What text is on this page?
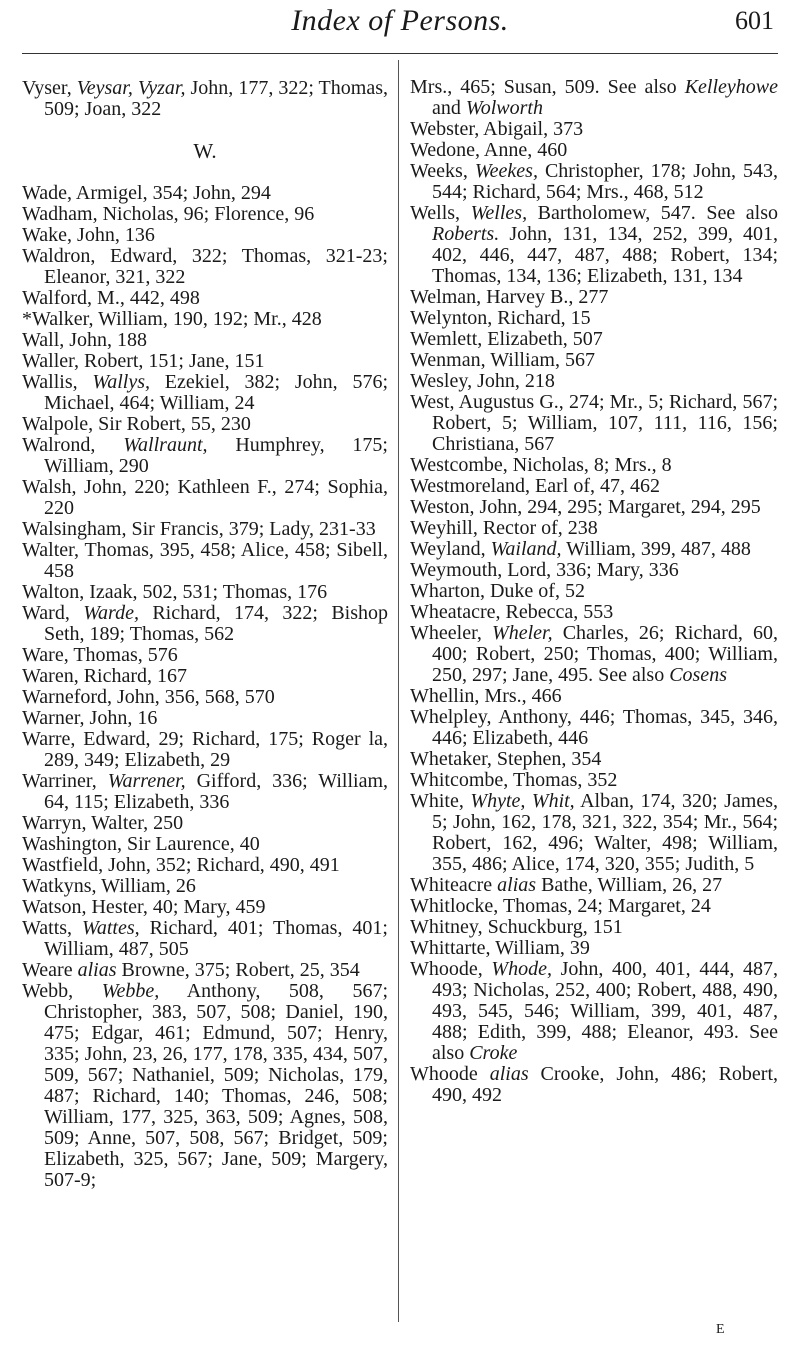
Index of Persons.	601

Vyser, Veysar, Vyzar, John, 177, 322; Thomas, 509; Joan, 322

W.

Wade, Armigel, 354; John, 294

Wadham, Nicholas, 96; Florence, 96

Wake, John, 136

Waldron, Edward, 322; Thomas, 321-23; Eleanor, 321, 322

Walford, M., 442, 498

*Walker, William, 190, 192; Mr., 428

Wall, John, 188

Waller, Robert, 151; Jane, 151

Wallis, Wallys, Ezekiel, 382; John, 576; Michael, 464; William, 24

Walpole, Sir Robert, 55, 230

Walrond, Wallraunt, Humphrey, 175; William, 290

Walsh, John, 220; Kathleen F., 274; Sophia, 220

Walsingham, Sir Francis, 379; Lady, 231-33

Walter, Thomas, 395, 458; Alice, 458; Sibell, 458

Walton, Izaak, 502, 531; Thomas, 176

Ward, Warde, Richard, 174, 322; Bishop Seth, 189; Thomas, 562

Ware, Thomas, 576

Waren, Richard, 167

Warneford, John, 356, 568, 570

Warner, John, 16

Warre, Edward, 29; Richard, 175; Roger la, 289, 349; Elizabeth, 29

Warriner, Warrener, Gifford, 336; William, 64, 115; Elizabeth, 336

Warryn, Walter, 250

Washington, Sir Laurence, 40

Wastfield, John, 352; Richard, 490, 491

Watkyns, William, 26

Watson, Hester, 40; Mary, 459

Watts, Wattes, Richard, 401; Thomas, 401; William, 487, 505

Weare alias Browne, 375; Robert, 25, 354

Webb, Webbe, Anthony, 508, 567; Christopher, 383, 507, 508; Daniel, 190, 475; Edgar, 461; Edmund, 507; Henry, 335; John, 23, 26, 177, 178, 335, 434, 507, 509, 567; Nathaniel, 509; Nicholas, 179, 487; Richard, 140; Thomas, 246, 508; William, 177, 325, 363, 509; Agnes, 508, 509; Anne, 507, 508, 567; Bridget, 509; Elizabeth, 325, 567; Jane, 509; Margery, 507-9;

Mrs., 465; Susan, 509. See also Kelleyhowe and Wolworth

Webster, Abigail, 373

Wedone, Anne, 460

Weeks, Weekes, Christopher, 178; John, 543, 544; Richard, 564; Mrs., 468, 512

Wells, Welles, Bartholomew, 547. See also Roberts. John, 131, 134, 252, 399, 401, 402, 446, 447, 487, 488; Robert, 134; Thomas, 134, 136; Elizabeth, 131, 134

Welman, Harvey B., 277

Welynton, Richard, 15

Wemlett, Elizabeth, 507

Wenman, William, 567

Wesley, John, 218

West, Augustus G., 274; Mr., 5; Richard, 567; Robert, 5; William, 107, 111, 116, 156; Christiana, 567

Westcombe, Nicholas, 8; Mrs., 8

Westmoreland, Earl of, 47, 462

Weston, John, 294, 295; Margaret, 294, 295

Weyhill, Rector of, 238

Weyland, Wailand, William, 399, 487, 488

Weymouth, Lord, 336; Mary, 336

Wharton, Duke of, 52

Wheatacre, Rebecca, 553

Wheeler, Wheler, Charles, 26; Richard, 60, 400; Robert, 250; Thomas, 400; William, 250, 297; Jane, 495. See also Cosens

Whellin, Mrs., 466

Whelpley, Anthony, 446; Thomas, 345, 346, 446; Elizabeth, 446

Whetaker, Stephen, 354

Whitcombe, Thomas, 352

White, Whyte, Whit, Alban, 174, 320; James, 5; John, 162, 178, 321, 322, 354; Mr., 564; Robert, 162, 496; Walter, 498; William, 355, 486; Alice, 174, 320, 355; Judith, 5

Whiteacre alias Bathe, William, 26, 27

Whitlocke, Thomas, 24; Margaret, 24

Whitney, Schuckburg, 151

Whittarte, William, 39

Whoode, Whode, John, 400, 401, 444, 487, 493; Nicholas, 252, 400; Robert, 488, 490, 493, 545, 546; William, 399, 401, 487, 488; Edith, 399, 488; Eleanor, 493. See also Croke

Whoode alias Crooke, John, 486; Robert, 490, 492

E
